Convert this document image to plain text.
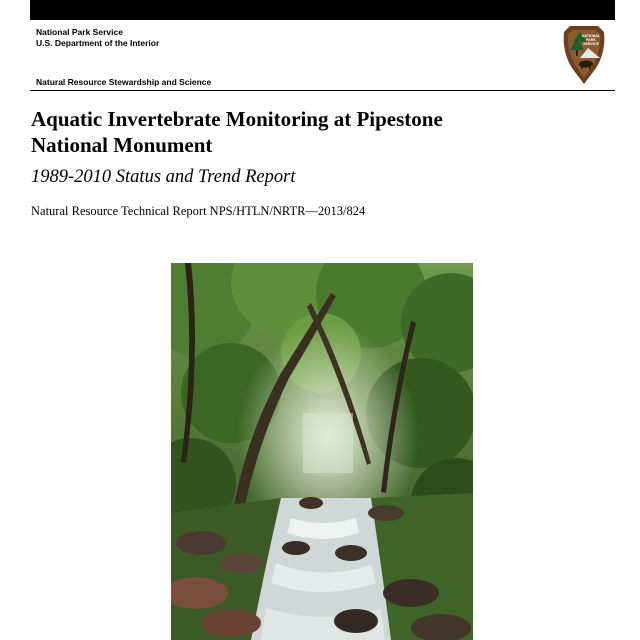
National Park Service
U.S. Department of the Interior
Natural Resource Stewardship and Science
NATIONAL
PARK
SERVICE
Aquatic Invertebrate Monitoring at Pipestone
National Monument
1989-2010 Status and Trend Report
Natural Resource Technical Report NPS/HTLN/NRTR—2013/824
